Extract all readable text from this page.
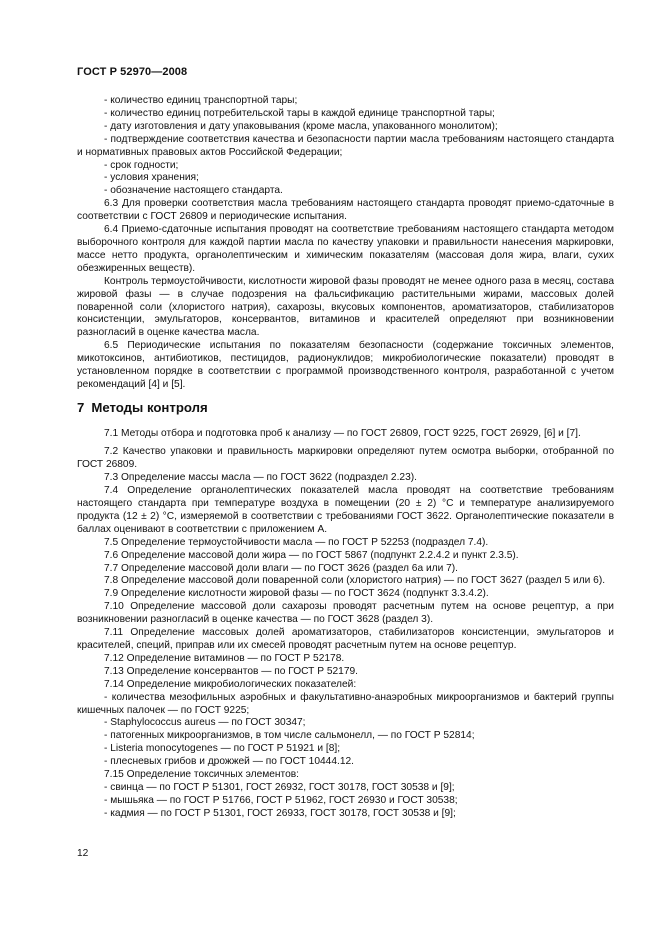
ГОСТ Р 52970—2008

- количество единиц транспортной тары;

- количество единиц потребительской тары в каждой единице транспортной тары;

- дату изготовления и дату упаковывания (кроме масла, упакованного монолитом);

- подтверждение соответствия качества и безопасности партии масла требованиям настоящего стандарта и нормативных правовых актов Российской Федерации;

- срок годности;

- условия хранения;

- обозначение настоящего стандарта.

6.3 Для проверки соответствия масла требованиям настоящего стандарта проводят приемо-сдаточные в соответствии с ГОСТ 26809 и периодические испытания.

6.4 Приемо-сдаточные испытания проводят на соответствие требованиям настоящего стандарта методом выборочного контроля для каждой партии масла по качеству упаковки и правильности нанесения маркировки, массе нетто продукта, органолептическим и химическим показателям (массовая доля жира, влаги, сухих обезжиренных веществ).

Контроль термоустойчивости, кислотности жировой фазы проводят не менее одного раза в месяц, состава жировой фазы — в случае подозрения на фальсификацию растительными жирами, массовых долей поваренной соли (хлористого натрия), сахарозы, вкусовых компонентов, ароматизаторов, стабилизаторов консистенции, эмульгаторов, консервантов, витаминов и красителей определяют при возникновении разногласий в оценке качества масла.

6.5 Периодические испытания по показателям безопасности (содержание токсичных элементов, микотоксинов, антибиотиков, пестицидов, радионуклидов; микробиологические показатели) проводят в установленном порядке в соответствии с программой производственного контроля, разработанной с учетом рекомендаций [4] и [5].

7 Методы контроля

7.1 Методы отбора и подготовка проб к анализу — по ГОСТ 26809, ГОСТ 9225, ГОСТ 26929, [6] и [7].

7.2 Качество упаковки и правильность маркировки определяют путем осмотра выборки, отобранной по ГОСТ 26809.

7.3 Определение массы масла — по ГОСТ 3622 (подраздел 2.23).

7.4 Определение органолептических показателей масла проводят на соответствие требованиям настоящего стандарта при температуре воздуха в помещении (20 ± 2) °С и температуре анализируемого продукта (12 ± 2) °С, измеряемой в соответствии с требованиями ГОСТ 3622. Органолептические показатели в баллах оценивают в соответствии с приложением А.

7.5 Определение термоустойчивости масла — по ГОСТ Р 52253 (подраздел 7.4).

7.6 Определение массовой доли жира — по ГОСТ 5867 (подпункт 2.2.4.2 и пункт 2.3.5).

7.7 Определение массовой доли влаги — по ГОСТ 3626 (раздел 6а или 7).

7.8 Определение массовой доли поваренной соли (хлористого натрия) — по ГОСТ 3627 (раздел 5 или 6).

7.9 Определение кислотности жировой фазы — по ГОСТ 3624 (подпункт 3.3.4.2).

7.10 Определение массовой доли сахарозы проводят расчетным путем на основе рецептур, а при возникновении разногласий в оценке качества — по ГОСТ 3628 (раздел 3).

7.11 Определение массовых долей ароматизаторов, стабилизаторов консистенции, эмульгаторов и красителей, специй, приправ или их смесей проводят расчетным путем на основе рецептур.

7.12 Определение витаминов — по ГОСТ Р 52178.

7.13 Определение консервантов — по ГОСТ Р 52179.

7.14 Определение микробиологических показателей:

- количества мезофильных аэробных и факультативно-анаэробных микроорганизмов и бактерий группы кишечных палочек — по ГОСТ 9225;

- Staphylococcus aureus — по ГОСТ 30347;

- патогенных микроорганизмов, в том числе сальмонелл, — по ГОСТ Р 52814;

- Listeria monocytogenes — по ГОСТ Р 51921 и [8];

- плесневых грибов и дрожжей — по ГОСТ 10444.12.

7.15 Определение токсичных элементов:

- свинца — по ГОСТ Р 51301, ГОСТ 26932, ГОСТ 30178, ГОСТ 30538 и [9];

- мышьяка — по ГОСТ Р 51766, ГОСТ Р 51962, ГОСТ 26930 и ГОСТ 30538;

- кадмия — по ГОСТ Р 51301, ГОСТ 26933, ГОСТ 30178, ГОСТ 30538 и [9];

12
